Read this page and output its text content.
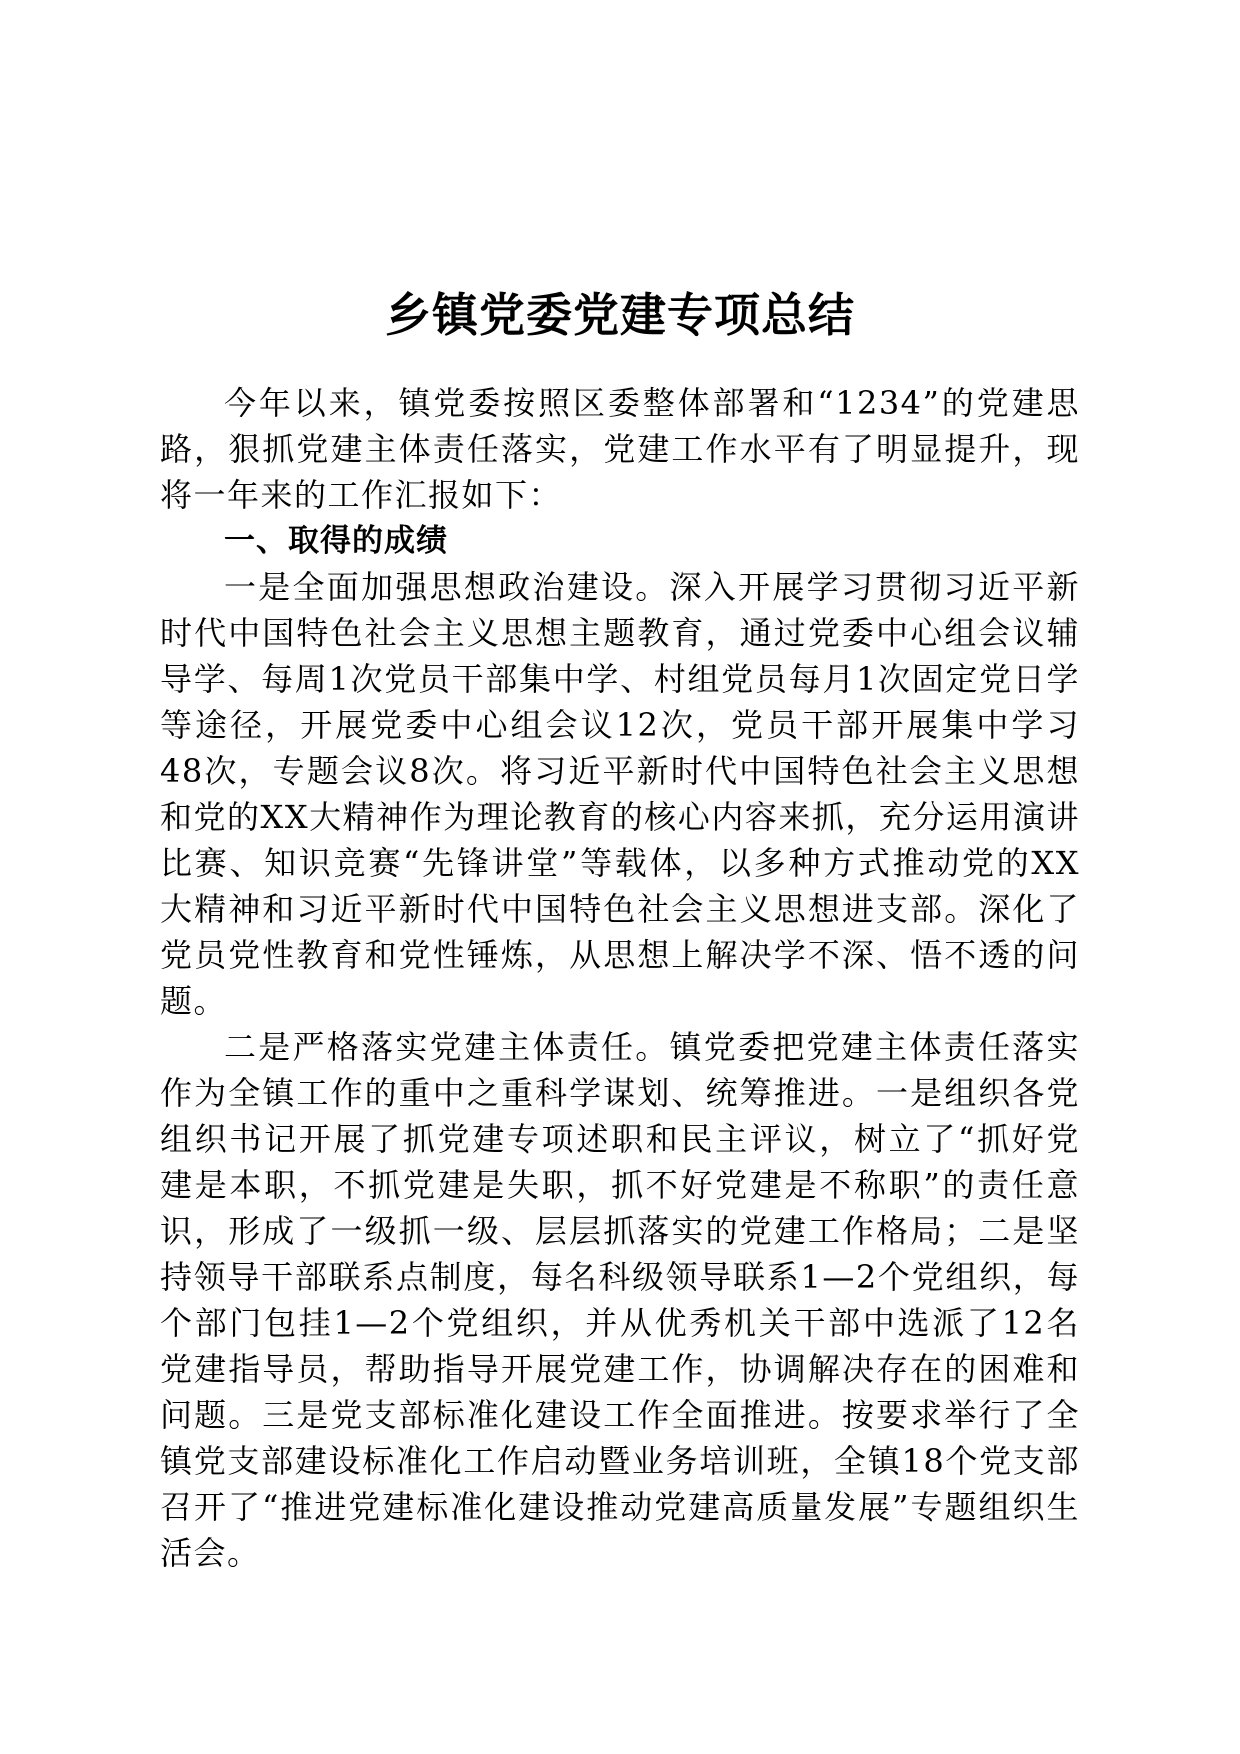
乡镇党委党建专项总结

今年以来，镇党委按照区委整体部署和“1234”的党建思路，狠抓党建主体责任落实，党建工作水平有了明显提升，现将一年来的工作汇报如下：

一、取得的成绩

一是全面加强思想政治建设。深入开展学习贯彻习近平新时代中国特色社会主义思想主题教育，通过党委中心组会议辅导学、每周1次党员干部集中学、村组党员每月1次固定党日学等途径，开展党委中心组会议12次，党员干部开展集中学习48次，专题会议8次。将习近平新时代中国特色社会主义思想和党的XX大精神作为理论教育的核心内容来抓，充分运用演讲比赛、知识竞赛“先锋讲堂”等载体，以多种方式推动党的XX大精神和习近平新时代中国特色社会主义思想进支部。深化了党员党性教育和党性锤炼，从思想上解决学不深、悟不透的问题。

二是严格落实党建主体责任。镇党委把党建主体责任落实作为全镇工作的重中之重科学谋划、统筹推进。一是组织各党组织书记开展了抓党建专项述职和民主评议，树立了“抓好党建是本职，不抓党建是失职，抓不好党建是不称职”的责任意识，形成了一级抓一级、层层抓落实的党建工作格局；二是坚持领导干部联系点制度，每名科级领导联系1—2个党组织，每个部门包挂1—2个党组织，并从优秀机关干部中选派了12名党建指导员，帮助指导开展党建工作，协调解决存在的困难和问题。三是党支部标准化建设工作全面推进。按要求举行了全镇党支部建设标准化工作启动暨业务培训班，全镇18个党支部召开了“推进党建标准化建设推动党建高质量发展”专题组织生活会。
